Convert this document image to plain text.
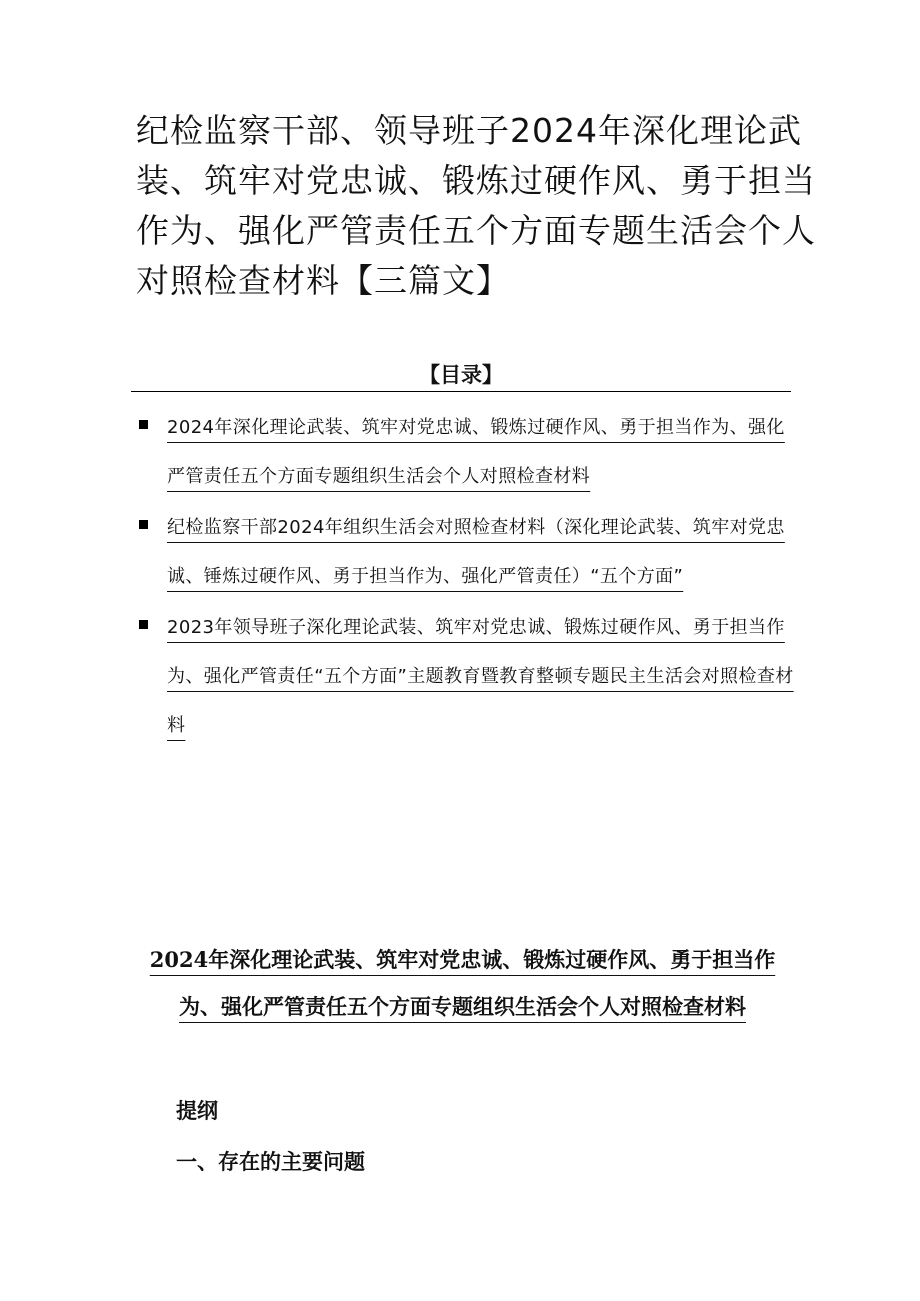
纪检监察干部、领导班子2024年深化理论武装、筑牢对党忠诚、锻炼过硬作风、勇于担当作为、强化严管责任五个方面专题生活会个人对照检查材料【三篇文】
【目录】
2024年深化理论武装、筑牢对党忠诚、锻炼过硬作风、勇于担当作为、强化严管责任五个方面专题组织生活会个人对照检查材料
纪检监察干部2024年组织生活会对照检查材料（深化理论武装、筑牢对党忠诚、锤炼过硬作风、勇于担当作为、强化严管责任）“五个方面”
2023年领导班子深化理论武装、筑牢对党忠诚、锻炼过硬作风、勇于担当作为、强化严管责任“五个方面”主题教育暨教育整顿专题民主生活会对照检查材料
2024年深化理论武装、筑牢对党忠诚、锻炼过硬作风、勇于担当作为、强化严管责任五个方面专题组织生活会个人对照检查材料
提纲
一、存在的主要问题
